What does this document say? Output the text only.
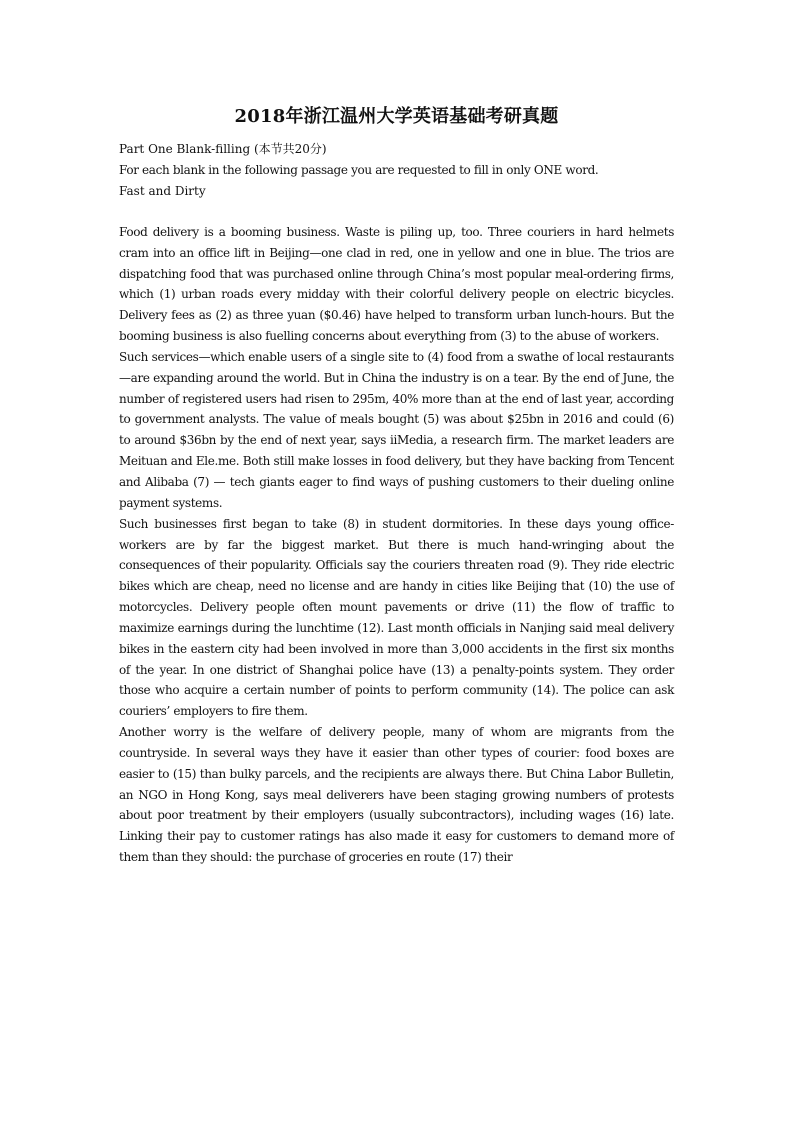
2018年浙江温州大学英语基础考研真题

Part One Blank-filling (本节共20分)

For each blank in the following passage you are requested to fill in only ONE word.

Fast and Dirty

Food delivery is a booming business. Waste is piling up, too. Three couriers in hard helmets cram into an office lift in Beijing—one clad in red, one in yellow and one in blue. The trios are dispatching food that was purchased online through China’s most popular meal-ordering firms, which (1) urban roads every midday with their colorful delivery people on electric bicycles. Delivery fees as (2) as three yuan ($0.46) have helped to transform urban lunch-hours. But the booming business is also fuelling concerns about everything from (3) to the abuse of workers.

Such services—which enable users of a single site to (4) food from a swathe of local restaurants—are expanding around the world. But in China the industry is on a tear. By the end of June, the number of registered users had risen to 295m, 40% more than at the end of last year, according to government analysts. The value of meals bought (5) was about $25bn in 2016 and could (6) to around $36bn by the end of next year, says iiMedia, a research firm. The market leaders are Meituan and Ele.me. Both still make losses in food delivery, but they have backing from Tencent and Alibaba (7) — tech giants eager to find ways of pushing customers to their dueling online payment systems.

Such businesses first began to take (8) in student dormitories. In these days young office-workers are by far the biggest market. But there is much hand-wringing about the consequences of their popularity. Officials say the couriers threaten road (9). They ride electric bikes which are cheap, need no license and are handy in cities like Beijing that (10) the use of motorcycles. Delivery people often mount pavements or drive (11) the flow of traffic to maximize earnings during the lunchtime (12). Last month officials in Nanjing said meal delivery bikes in the eastern city had been involved in more than 3,000 accidents in the first six months of the year. In one district of Shanghai police have (13) a penalty-points system. They order those who acquire a certain number of points to perform community (14). The police can ask couriers’ employers to fire them.

Another worry is the welfare of delivery people, many of whom are migrants from the countryside. In several ways they have it easier than other types of courier: food boxes are easier to (15) than bulky parcels, and the recipients are always there. But China Labor Bulletin, an NGO in Hong Kong, says meal deliverers have been staging growing numbers of protests about poor treatment by their employers (usually subcontractors), including wages (16) late. Linking their pay to customer ratings has also made it easy for customers to demand more of them than they should: the purchase of groceries en route (17) their
